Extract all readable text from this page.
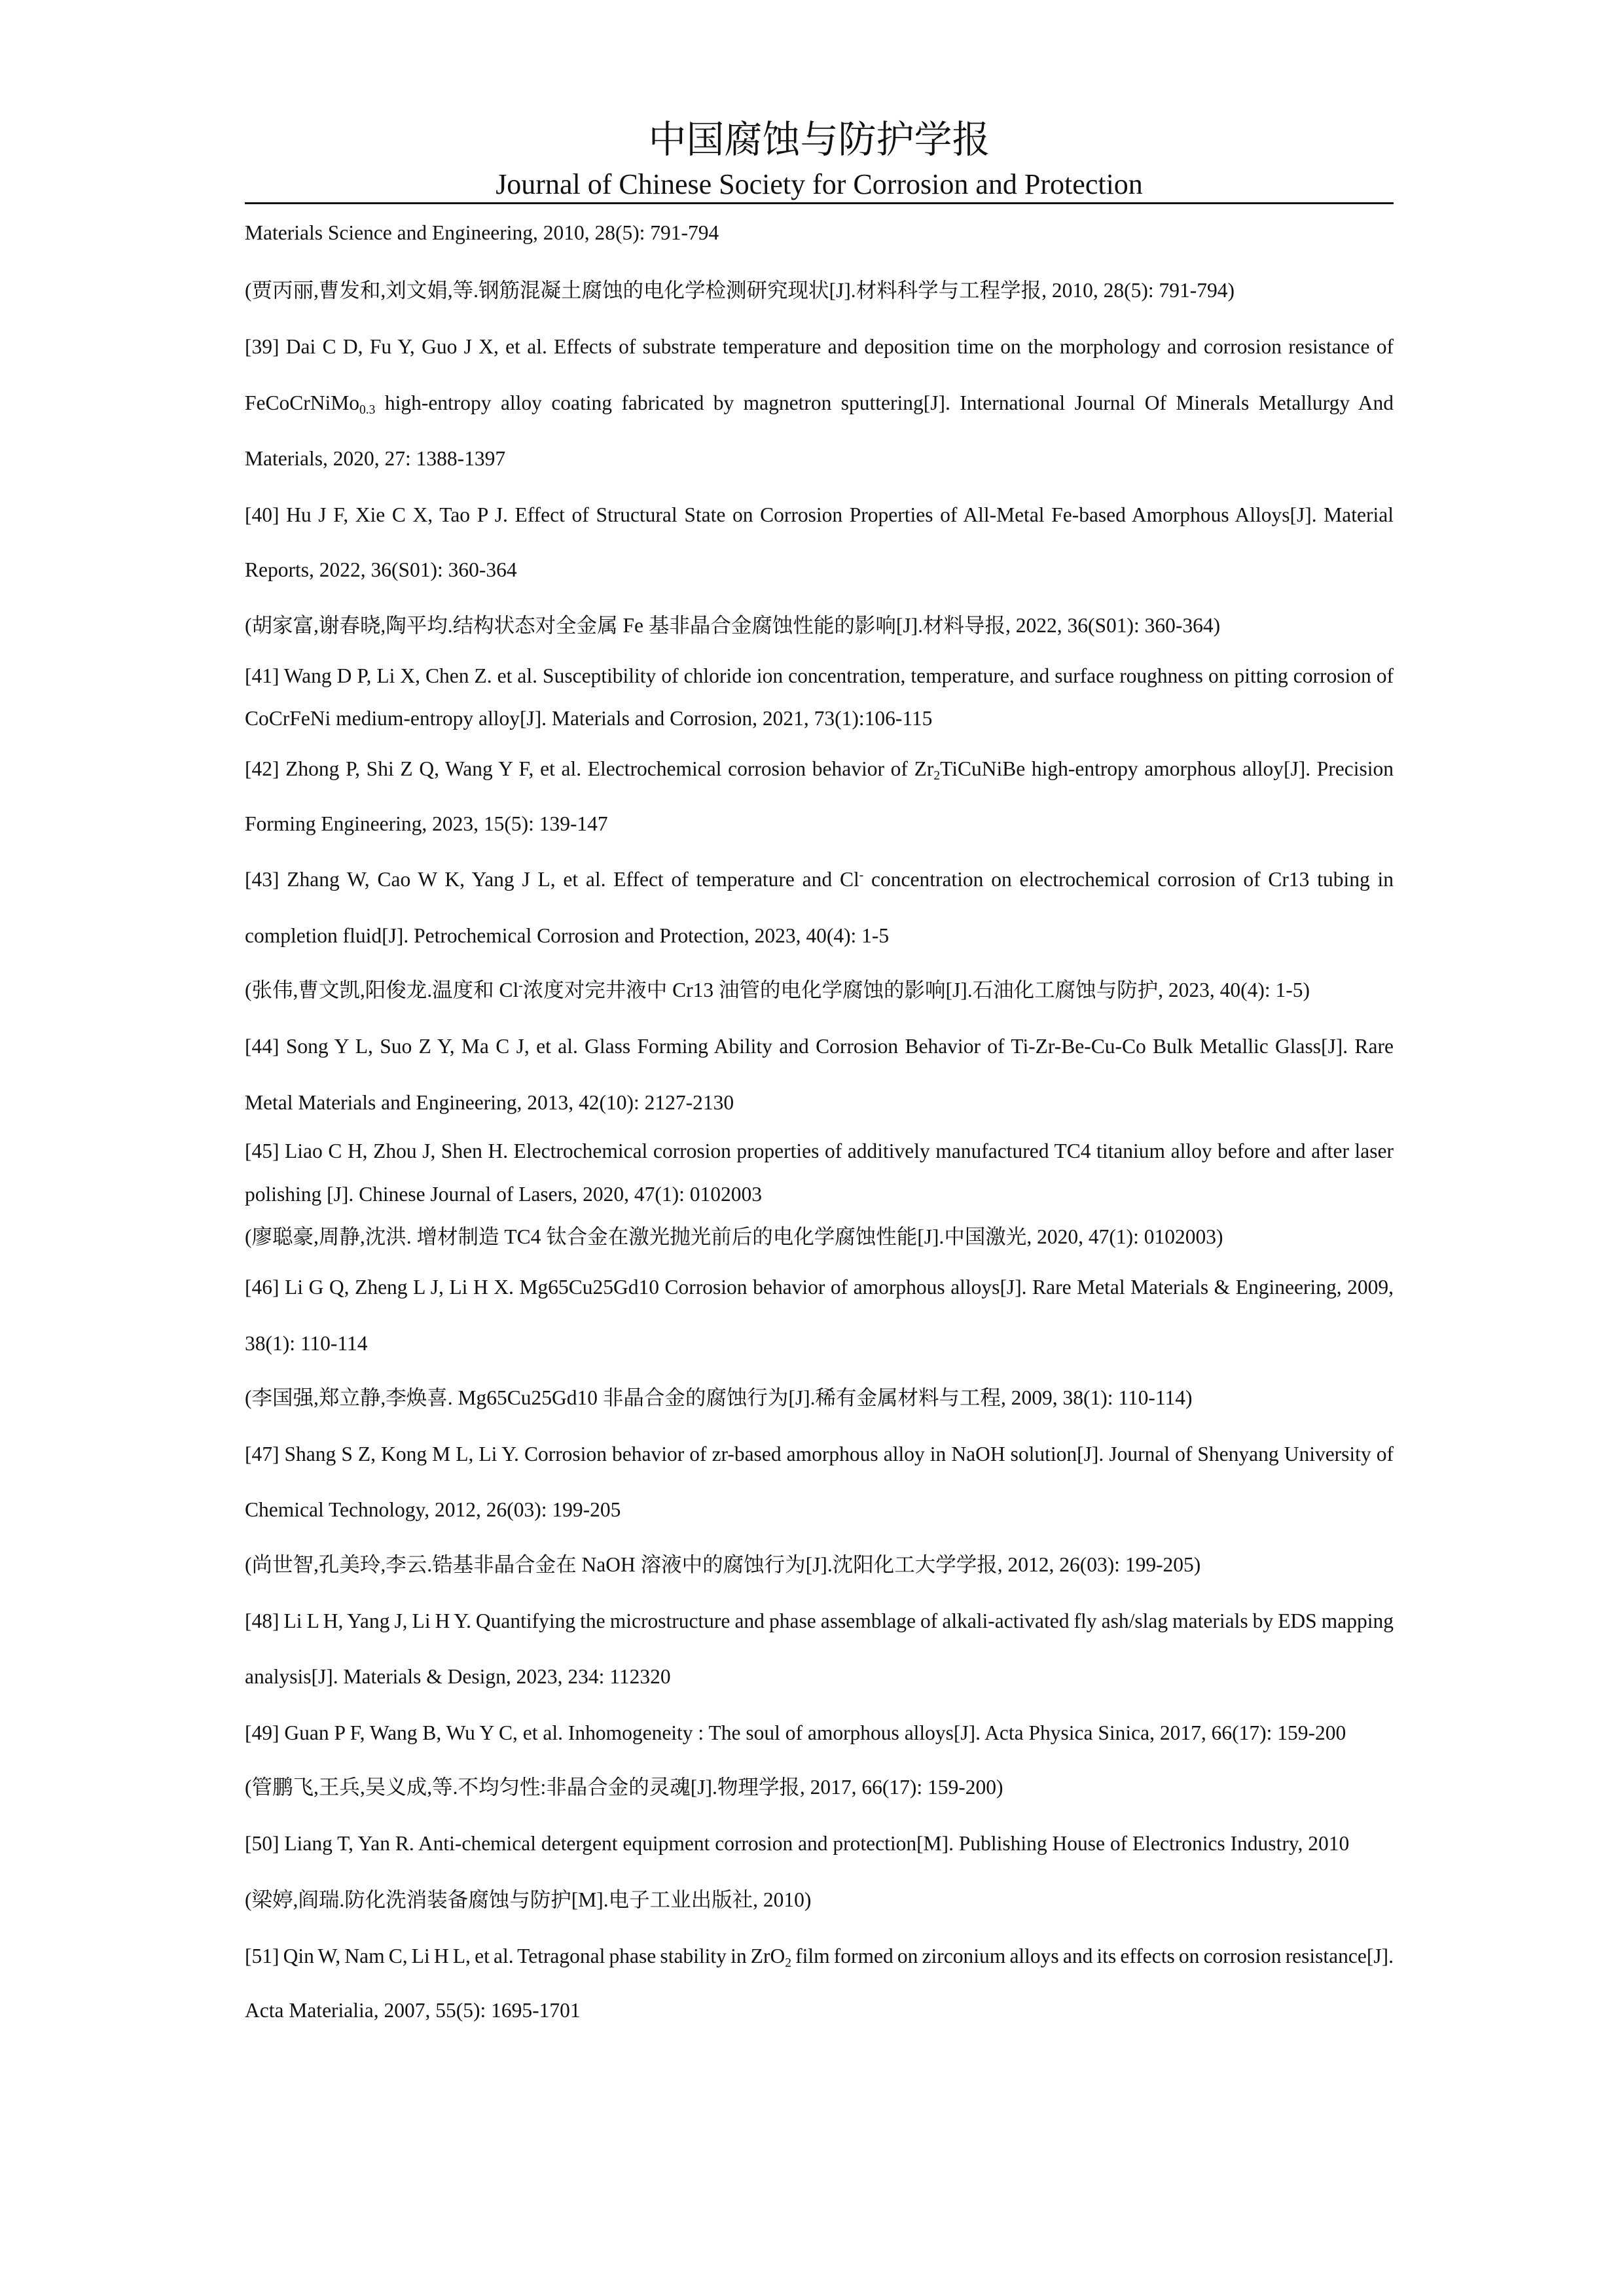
中国腐蚀与防护学报
Journal of Chinese Society for Corrosion and Protection
Materials Science and Engineering, 2010, 28(5): 791-794
(贾丙丽,曹发和,刘文娟,等.钢筋混凝土腐蚀的电化学检测研究现状[J].材料科学与工程学报, 2010, 28(5): 791-794)
[39] Dai C D, Fu Y, Guo J X, et al. Effects of substrate temperature and deposition time on the morphology and corrosion resistance of
FeCoCrNiMo0.3 high-entropy alloy coating fabricated by magnetron sputtering[J]. International Journal Of Minerals Metallurgy And
Materials, 2020, 27: 1388-1397
[40] Hu J F, Xie C X, Tao P J. Effect of Structural State on Corrosion Properties of All-Metal Fe-based Amorphous Alloys[J]. Material
Reports, 2022, 36(S01): 360-364
(胡家富,谢春晓,陶平均.结构状态对全金属 Fe 基非晶合金腐蚀性能的影响[J].材料导报, 2022, 36(S01): 360-364)
[41] Wang D P, Li X, Chen Z. et al. Susceptibility of chloride ion concentration, temperature, and surface roughness on pitting corrosion of
CoCrFeNi medium-entropy alloy[J]. Materials and Corrosion, 2021, 73(1):106-115
[42] Zhong P, Shi Z Q, Wang Y F, et al. Electrochemical corrosion behavior of Zr2TiCuNiBe high-entropy amorphous alloy[J]. Precision
Forming Engineering, 2023, 15(5): 139-147
[43] Zhang W, Cao W K, Yang J L, et al. Effect of temperature and Cl- concentration on electrochemical corrosion of Cr13 tubing in
completion fluid[J]. Petrochemical Corrosion and Protection, 2023, 40(4): 1-5
(张伟,曹文凯,阳俊龙.温度和 Cl-浓度对完井液中 Cr13 油管的电化学腐蚀的影响[J].石油化工腐蚀与防护, 2023, 40(4): 1-5)
[44] Song Y L, Suo Z Y, Ma C J, et al. Glass Forming Ability and Corrosion Behavior of Ti-Zr-Be-Cu-Co Bulk Metallic Glass[J]. Rare
Metal Materials and Engineering, 2013, 42(10): 2127-2130
[45] Liao C H, Zhou J, Shen H. Electrochemical corrosion properties of additively manufactured TC4 titanium alloy before and after laser
polishing [J]. Chinese Journal of Lasers, 2020, 47(1): 0102003
(廖聪豪,周静,沈洪. 增材制造 TC4 钛合金在激光抛光前后的电化学腐蚀性能[J].中国激光, 2020, 47(1): 0102003)
[46] Li G Q, Zheng L J, Li H X. Mg65Cu25Gd10 Corrosion behavior of amorphous alloys[J]. Rare Metal Materials & Engineering, 2009,
38(1): 110-114
(李国强,郑立静,李焕喜. Mg65Cu25Gd10 非晶合金的腐蚀行为[J].稀有金属材料与工程, 2009, 38(1): 110-114)
[47] Shang S Z, Kong M L, Li Y. Corrosion behavior of zr-based amorphous alloy in NaOH solution[J]. Journal of Shenyang University of
Chemical Technology, 2012, 26(03): 199-205
(尚世智,孔美玲,李云.锆基非晶合金在 NaOH 溶液中的腐蚀行为[J].沈阳化工大学学报, 2012, 26(03): 199-205)
[48] Li L H, Yang J, Li H Y. Quantifying the microstructure and phase assemblage of alkali-activated fly ash/slag materials by EDS mapping
analysis[J]. Materials & Design, 2023, 234: 112320
[49] Guan P F, Wang B, Wu Y C, et al. Inhomogeneity : The soul of amorphous alloys[J]. Acta Physica Sinica, 2017, 66(17): 159-200
(管鹏飞,王兵,吴义成,等.不均匀性:非晶合金的灵魂[J].物理学报, 2017, 66(17): 159-200)
[50] Liang T, Yan R. Anti-chemical detergent equipment corrosion and protection[M]. Publishing House of Electronics Industry, 2010
(梁婷,阎瑞.防化洗消装备腐蚀与防护[M].电子工业出版社, 2010)
[51] Qin W, Nam C, Li H L, et al. Tetragonal phase stability in ZrO2 film formed on zirconium alloys and its effects on corrosion resistance[J].
Acta Materialia, 2007, 55(5): 1695-1701
